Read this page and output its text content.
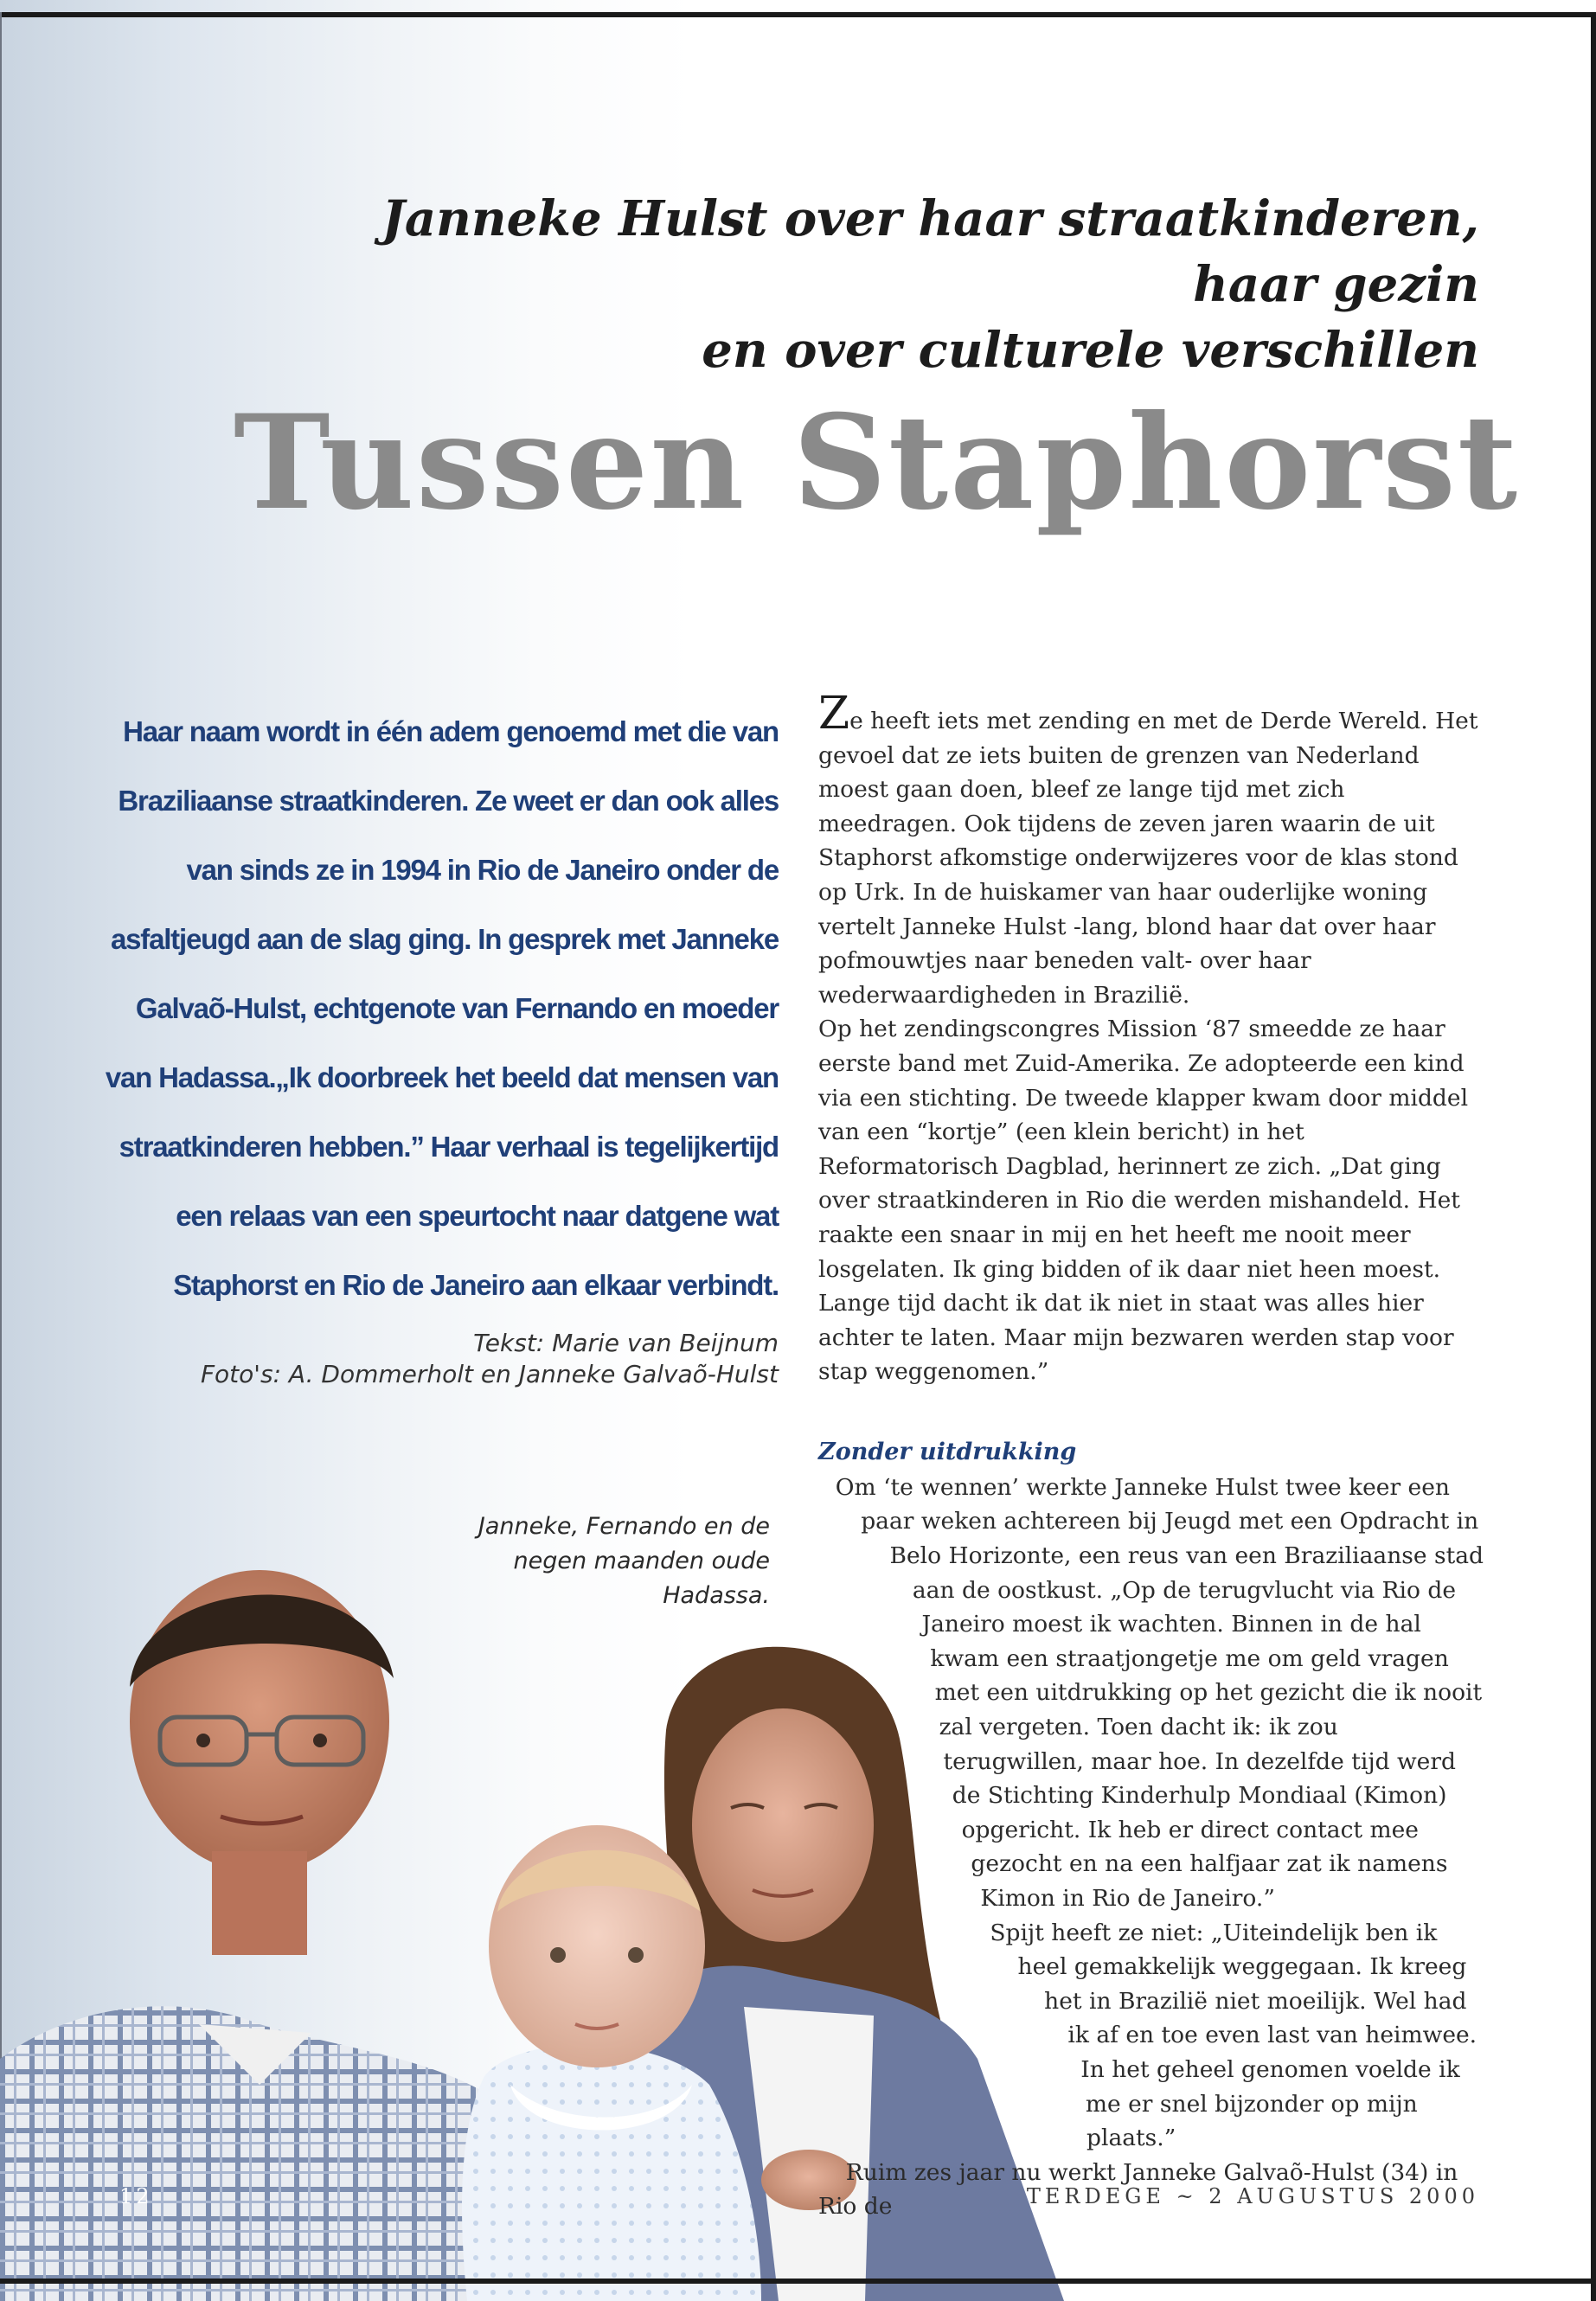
Janneke Hulst over haar straatkinderen, haar gezin
en over culturele verschillen
Tussen Staphorst

Haar naam wordt in één adem genoemd met die van Braziliaanse straatkinderen. Ze weet er dan ook alles van sinds ze in 1994 in Rio de Janeiro onder de asfaltjeugd aan de slag ging. In gesprek met Janneke Galvaõ-Hulst, echtgenote van Fernando en moeder van Hadassa.„Ik doorbreek het beeld dat mensen van straatkinderen hebben.” Haar verhaal is tegelijkertijd een relaas van een speurtocht naar datgene wat Staphorst en Rio de Janeiro aan elkaar verbindt.

Tekst: Marie van Beijnum
Foto's: A. Dommerholt en Janneke Galvaõ-Hulst

Janneke, Fernando en de negen maanden oude Hadassa.

Ze heeft iets met zending en met de Derde Wereld. Het gevoel dat ze iets buiten de grenzen van Nederland moest gaan doen, bleef ze lange tijd met zich meedragen. Ook tijdens de zeven jaren waarin de uit Staphorst afkomstige onderwijzeres voor de klas stond op Urk. In de huiskamer van haar ouderlijke woning vertelt Janneke Hulst -lang, blond haar dat over haar pofmouwtjes naar beneden valt- over haar wederwaardigheden in Brazilië.

Op het zendingscongres Mission ‘87 smeedde ze haar eerste band met Zuid-Amerika. Ze adopteerde een kind via een stichting. De tweede klapper kwam door middel van een “kortje” (een klein bericht) in het Reformatorisch Dagblad, herinnert ze zich. „Dat ging over straatkinderen in Rio die werden mishandeld. Het raakte een snaar in mij en het heeft me nooit meer losgelaten. Ik ging bidden of ik daar niet heen moest. Lange tijd dacht ik dat ik niet in staat was alles hier achter te laten. Maar mijn bezwaren werden stap voor stap weggenomen.”

Zonder uitdrukking

Om ‘te wennen’ werkte Janneke Hulst twee keer een paar weken achtereen bij Jeugd met een Opdracht in Belo Horizonte, een reus van een Braziliaanse stad aan de oostkust. „Op de terugvlucht via Rio de Janeiro moest ik wachten. Binnen in de hal kwam een straatjongetje me om geld vragen met een uitdrukking op het gezicht die ik nooit zal vergeten. Toen dacht ik: ik zou terugwillen, maar hoe. In dezelfde tijd werd de Stichting Kinderhulp Mondiaal (Kimon) opgericht. Ik heb er direct contact mee gezocht en na een halfjaar zat ik namens Kimon in Rio de Janeiro.”

Spijt heeft ze niet: „Uiteindelijk ben ik heel gemakkelijk weggegaan. Ik kreeg het in Brazilië niet moeilijk. Wel had ik af en toe even last van heimwee. In het geheel genomen voelde ik me er snel bijzonder op mijn plaats.”

Ruim zes jaar nu werkt Janneke Galvaõ-Hulst (34) in Rio de

12	TERDEGE ~ 2 AUGUSTUS 2000
